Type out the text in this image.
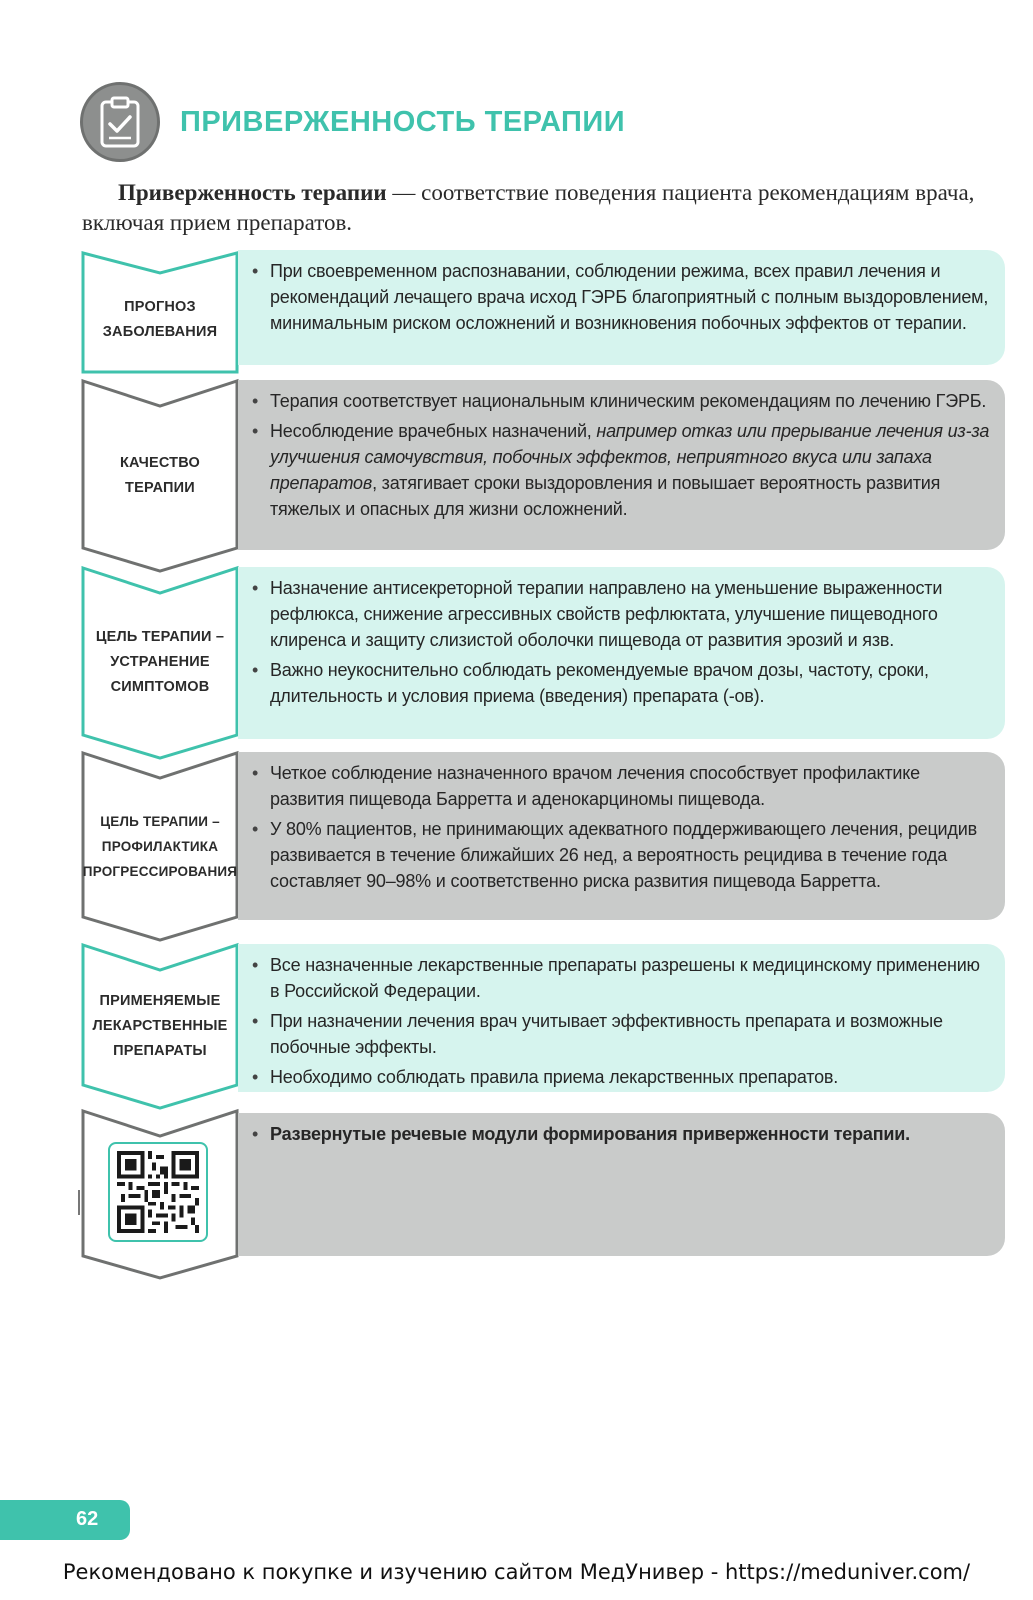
ПРИВЕРЖЕННОСТЬ ТЕРАПИИ
Приверженность терапии — соответствие поведения пациента рекомендациям врача, включая прием препаратов.
ПРОГНОЗ
ЗАБОЛЕВАНИЯ
• При своевременном распознавании, соблюдении режима, всех правил лечения и рекомендаций лечащего врача исход ГЭРБ благоприятный с полным выздоровлением, минимальным риском осложнений и возникновения побочных эффектов от терапии.
КАЧЕСТВО
ТЕРАПИИ
• Терапия соответствует национальным клиническим рекомендациям по лечению ГЭРБ.
• Несоблюдение врачебных назначений, например отказ или прерывание лечения из-за улучшения самочувствия, побочных эффектов, неприятного вкуса или запаха препаратов, затягивает сроки выздоровления и повышает вероятность развития тяжелых и опасных для жизни осложнений.
ЦЕЛЬ ТЕРАПИИ –
УСТРАНЕНИЕ
СИМПТОМОВ
• Назначение антисекреторной терапии направлено на уменьшение выраженности рефлюкса, снижение агрессивных свойств рефлюктата, улучшение пищеводного клиренса и защиту слизистой оболочки пищевода от развития эрозий и язв.
• Важно неукоснительно соблюдать рекомендуемые врачом дозы, частоту, сроки, длительность и условия приема (введения) препарата (-ов).
ЦЕЛЬ ТЕРАПИИ –
ПРОФИЛАКТИКА
ПРОГРЕССИРОВАНИЯ
• Четкое соблюдение назначенного врачом лечения способствует профилактике развития пищевода Барретта и аденокарциномы пищевода.
• У 80% пациентов, не принимающих адекватного поддерживающего лечения, рецидив развивается в течение ближайших 26 нед, а вероятность рецидива в течение года составляет 90–98% и соответственно риска развития пищевода Барретта.
ПРИМЕНЯЕМЫЕ
ЛЕКАРСТВЕННЫЕ
ПРЕПАРАТЫ
• Все назначенные лекарственные препараты разрешены к медицинскому применению в Российской Федерации.
• При назначении лечения врач учитывает эффективность препарата и возможные побочные эффекты.
• Необходимо соблюдать правила приема лекарственных препаратов.
• Развернутые речевые модули формирования приверженности терапии.
62
Рекомендовано к покупке и изучению сайтом МедУнивер - https://meduniver.com/
